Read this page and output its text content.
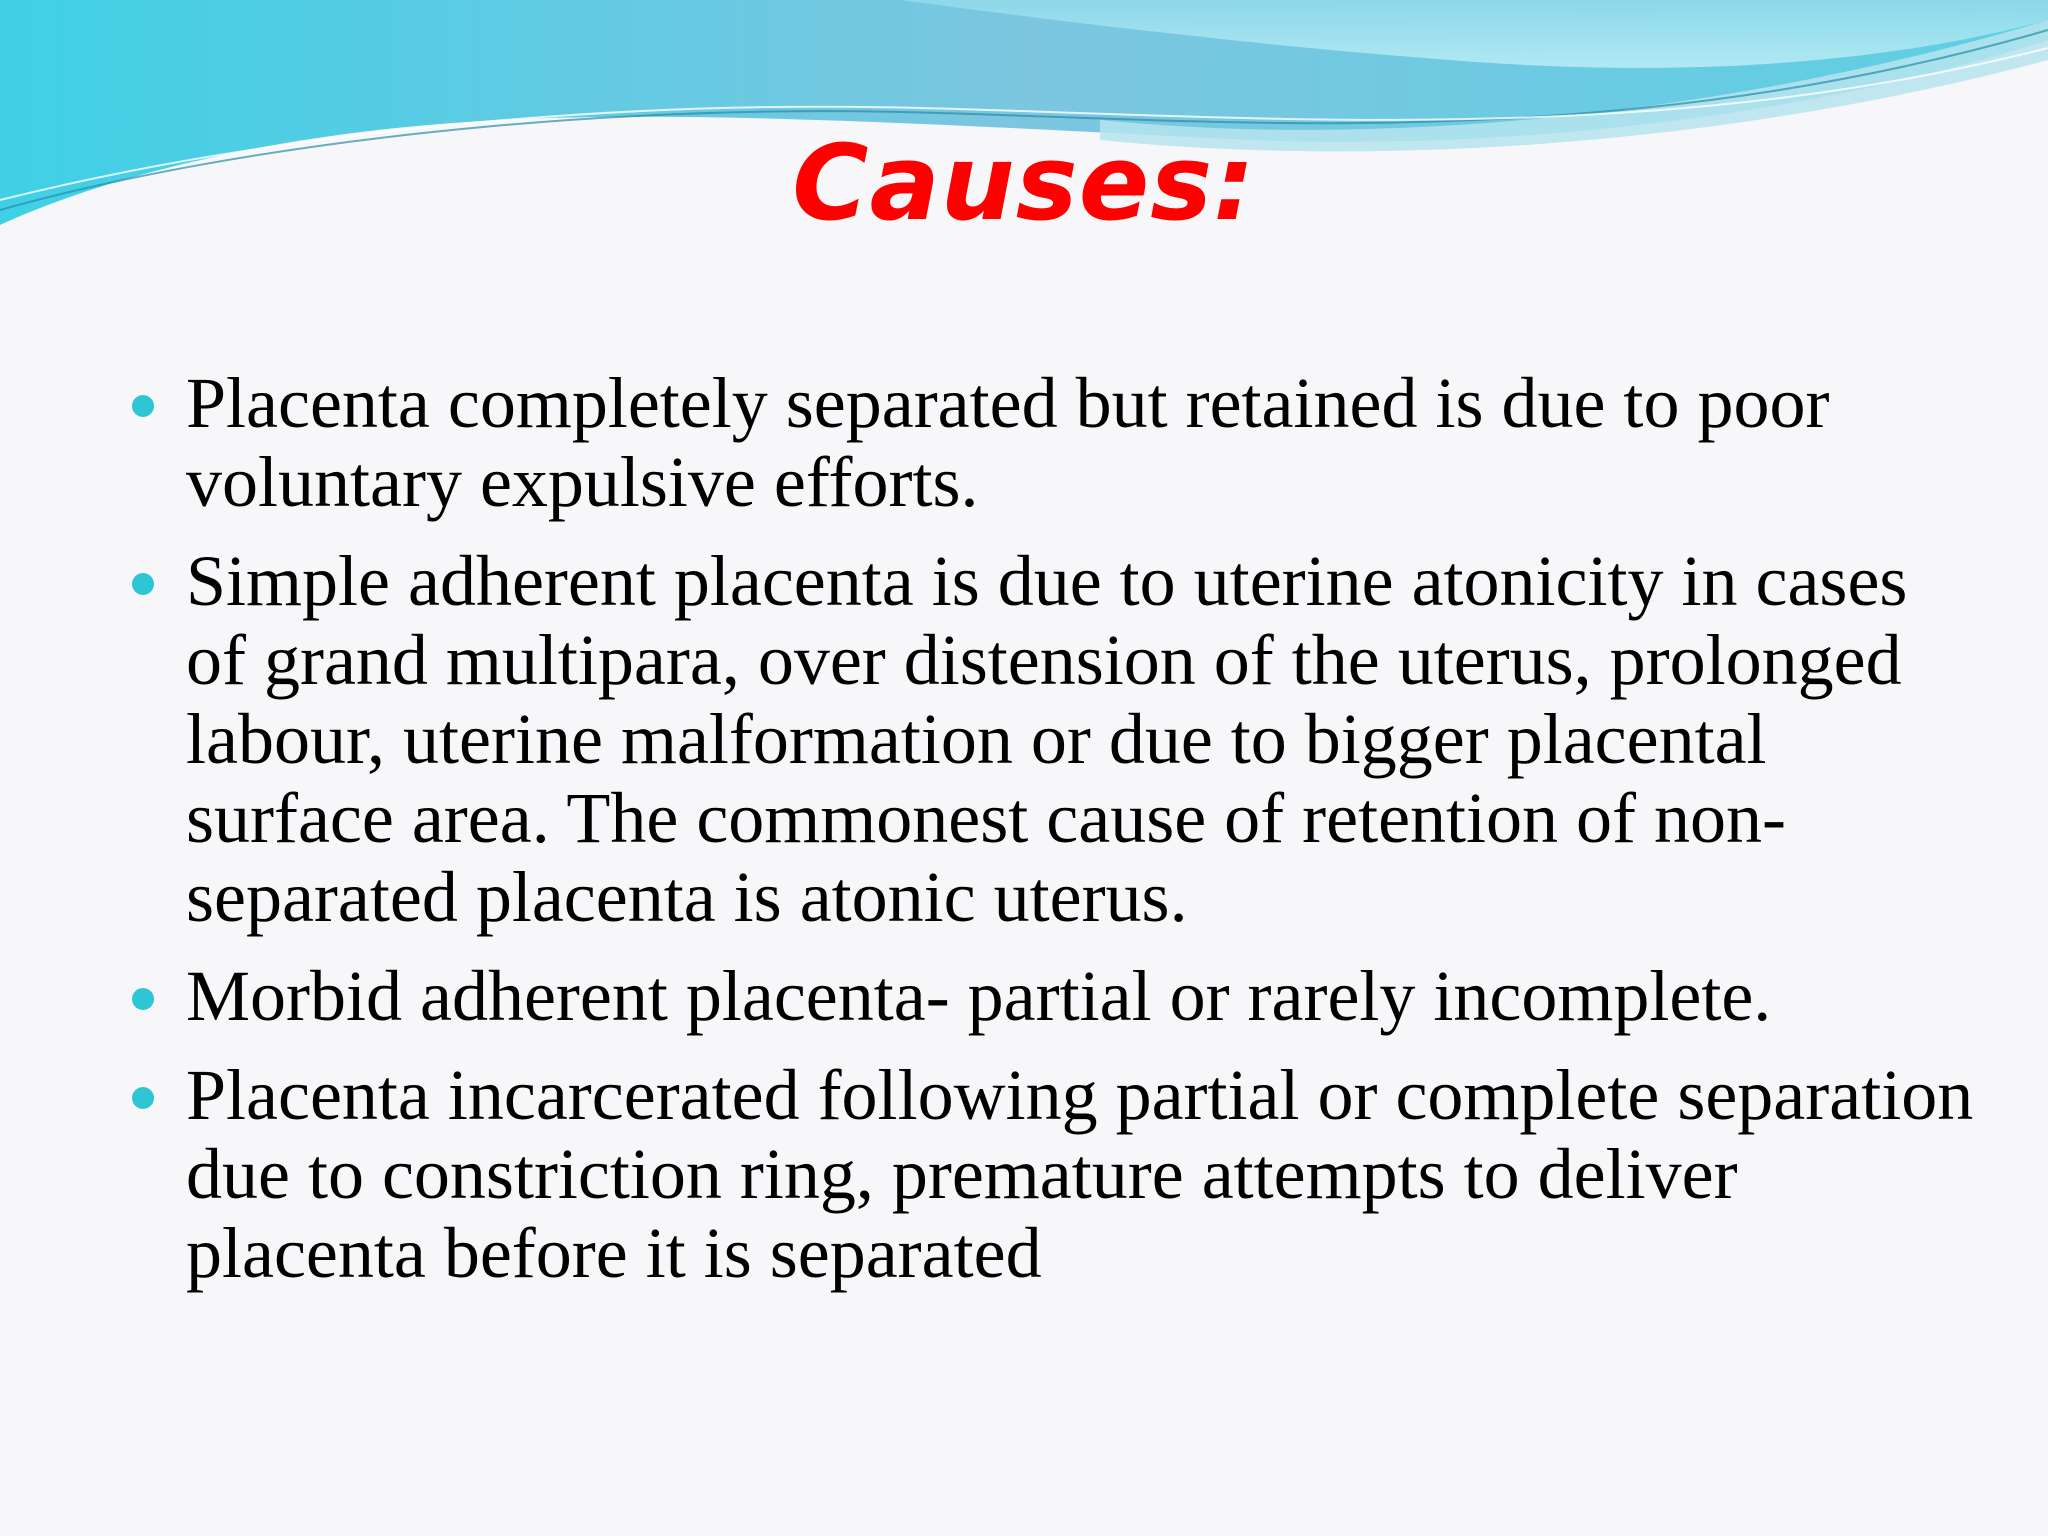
Causes:
Placenta completely separated but retained is due to poor voluntary expulsive efforts.
Simple adherent placenta is due to uterine atonicity in cases of grand multipara, over distension of the uterus, prolonged labour, uterine malformation or due to bigger placental surface area. The commonest cause of retention of non-separated placenta is atonic uterus.
Morbid adherent placenta- partial or rarely incomplete.
Placenta incarcerated following partial or complete separation due to constriction ring, premature attempts to deliver placenta before it is separated
